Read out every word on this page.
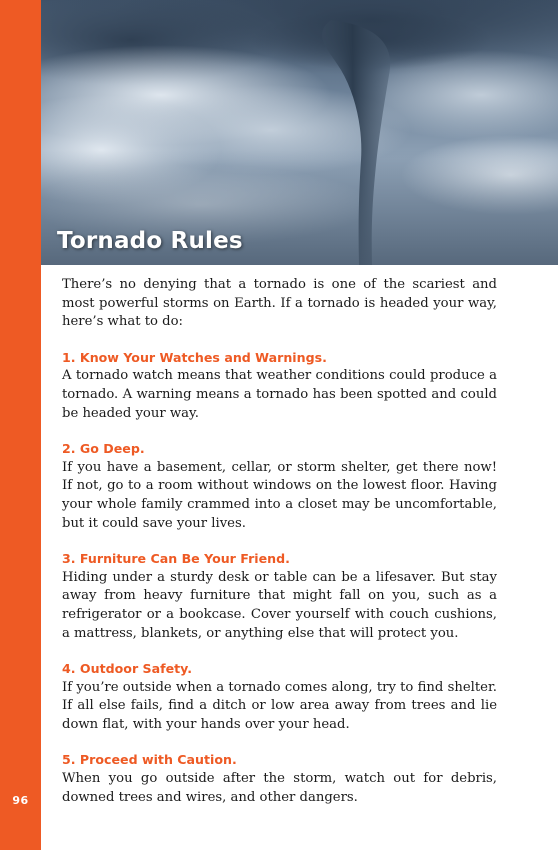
96
Tornado Rules

There’s no denying that a tornado is one of the scariest and most powerful storms on Earth. If a tornado is headed your way, here’s what to do:

1. Know Your Watches and Warnings.

A tornado watch means that weather conditions could produce a tornado. A warning means a tornado has been spotted and could be headed your way.

2. Go Deep.

If you have a basement, cellar, or storm shelter, get there now! If not, go to a room without windows on the lowest floor. Having your whole family crammed into a closet may be uncomfortable, but it could save your lives.

3. Furniture Can Be Your Friend.

Hiding under a sturdy desk or table can be a lifesaver. But stay away from heavy furniture that might fall on you, such as a refrigerator or a bookcase. Cover yourself with couch cushions, a mattress, blankets, or anything else that will protect you.

4. Outdoor Safety.

If you’re outside when a tornado comes along, try to find shelter. If all else fails, find a ditch or low area away from trees and lie down flat, with your hands over your head.

5. Proceed with Caution.

When you go outside after the storm, watch out for debris, downed trees and wires, and other dangers.
